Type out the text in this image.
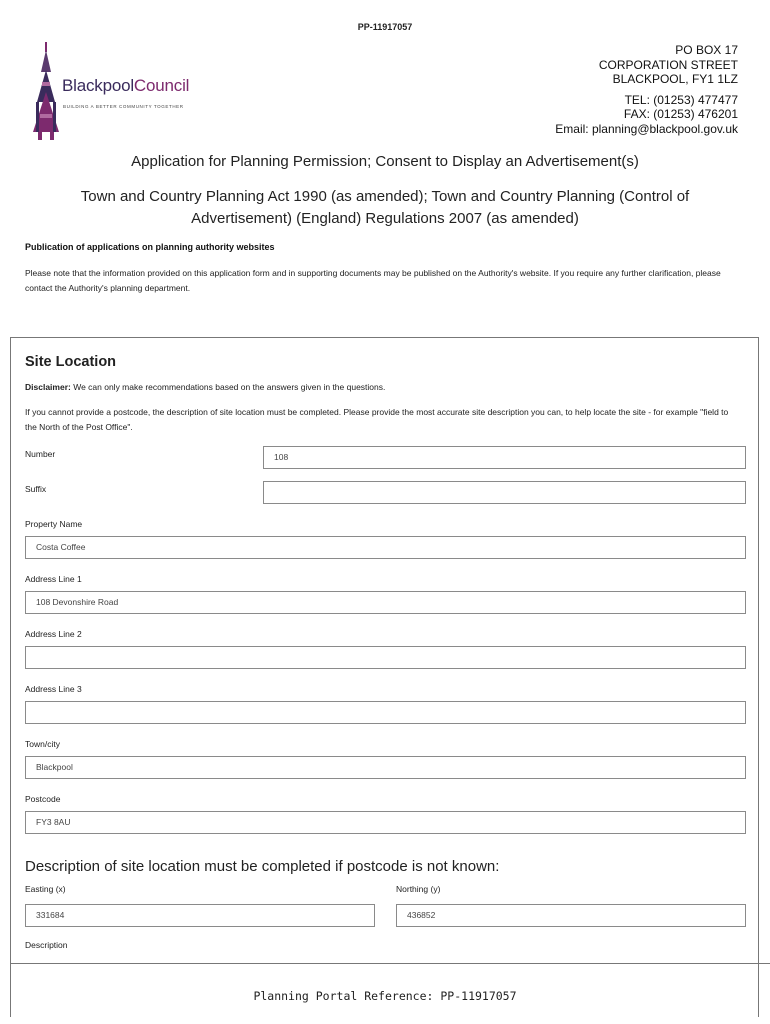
PP-11917057
BlackpoolCouncil
BUILDING A BETTER COMMUNITY TOGETHER
PO BOX 17
CORPORATION STREET
BLACKPOOL, FY1 1LZ
TEL: (01253) 477477
FAX: (01253) 476201
Email: planning@blackpool.gov.uk
Application for Planning Permission; Consent to Display an Advertisement(s)
Town and Country Planning Act 1990 (as amended); Town and Country Planning (Control of Advertisement) (England) Regulations 2007 (as amended)
Publication of applications on planning authority websites
Please note that the information provided on this application form and in supporting documents may be published on the Authority's website. If you require any further clarification, please contact the Authority's planning department.
Site Location
Disclaimer: We can only make recommendations based on the answers given in the questions.
If you cannot provide a postcode, the description of site location must be completed. Please provide the most accurate site description you can, to help locate the site - for example "field to the North of the Post Office".
Number	108
Suffix
Property Name
Costa Coffee
Address Line 1
108 Devonshire Road
Address Line 2
Address Line 3
Town/city
Blackpool
Postcode
FY3 8AU
Description of site location must be completed if postcode is not known:
Easting (x)
331684
Northing (y)
436852
Description
Planning Portal Reference: PP-11917057
